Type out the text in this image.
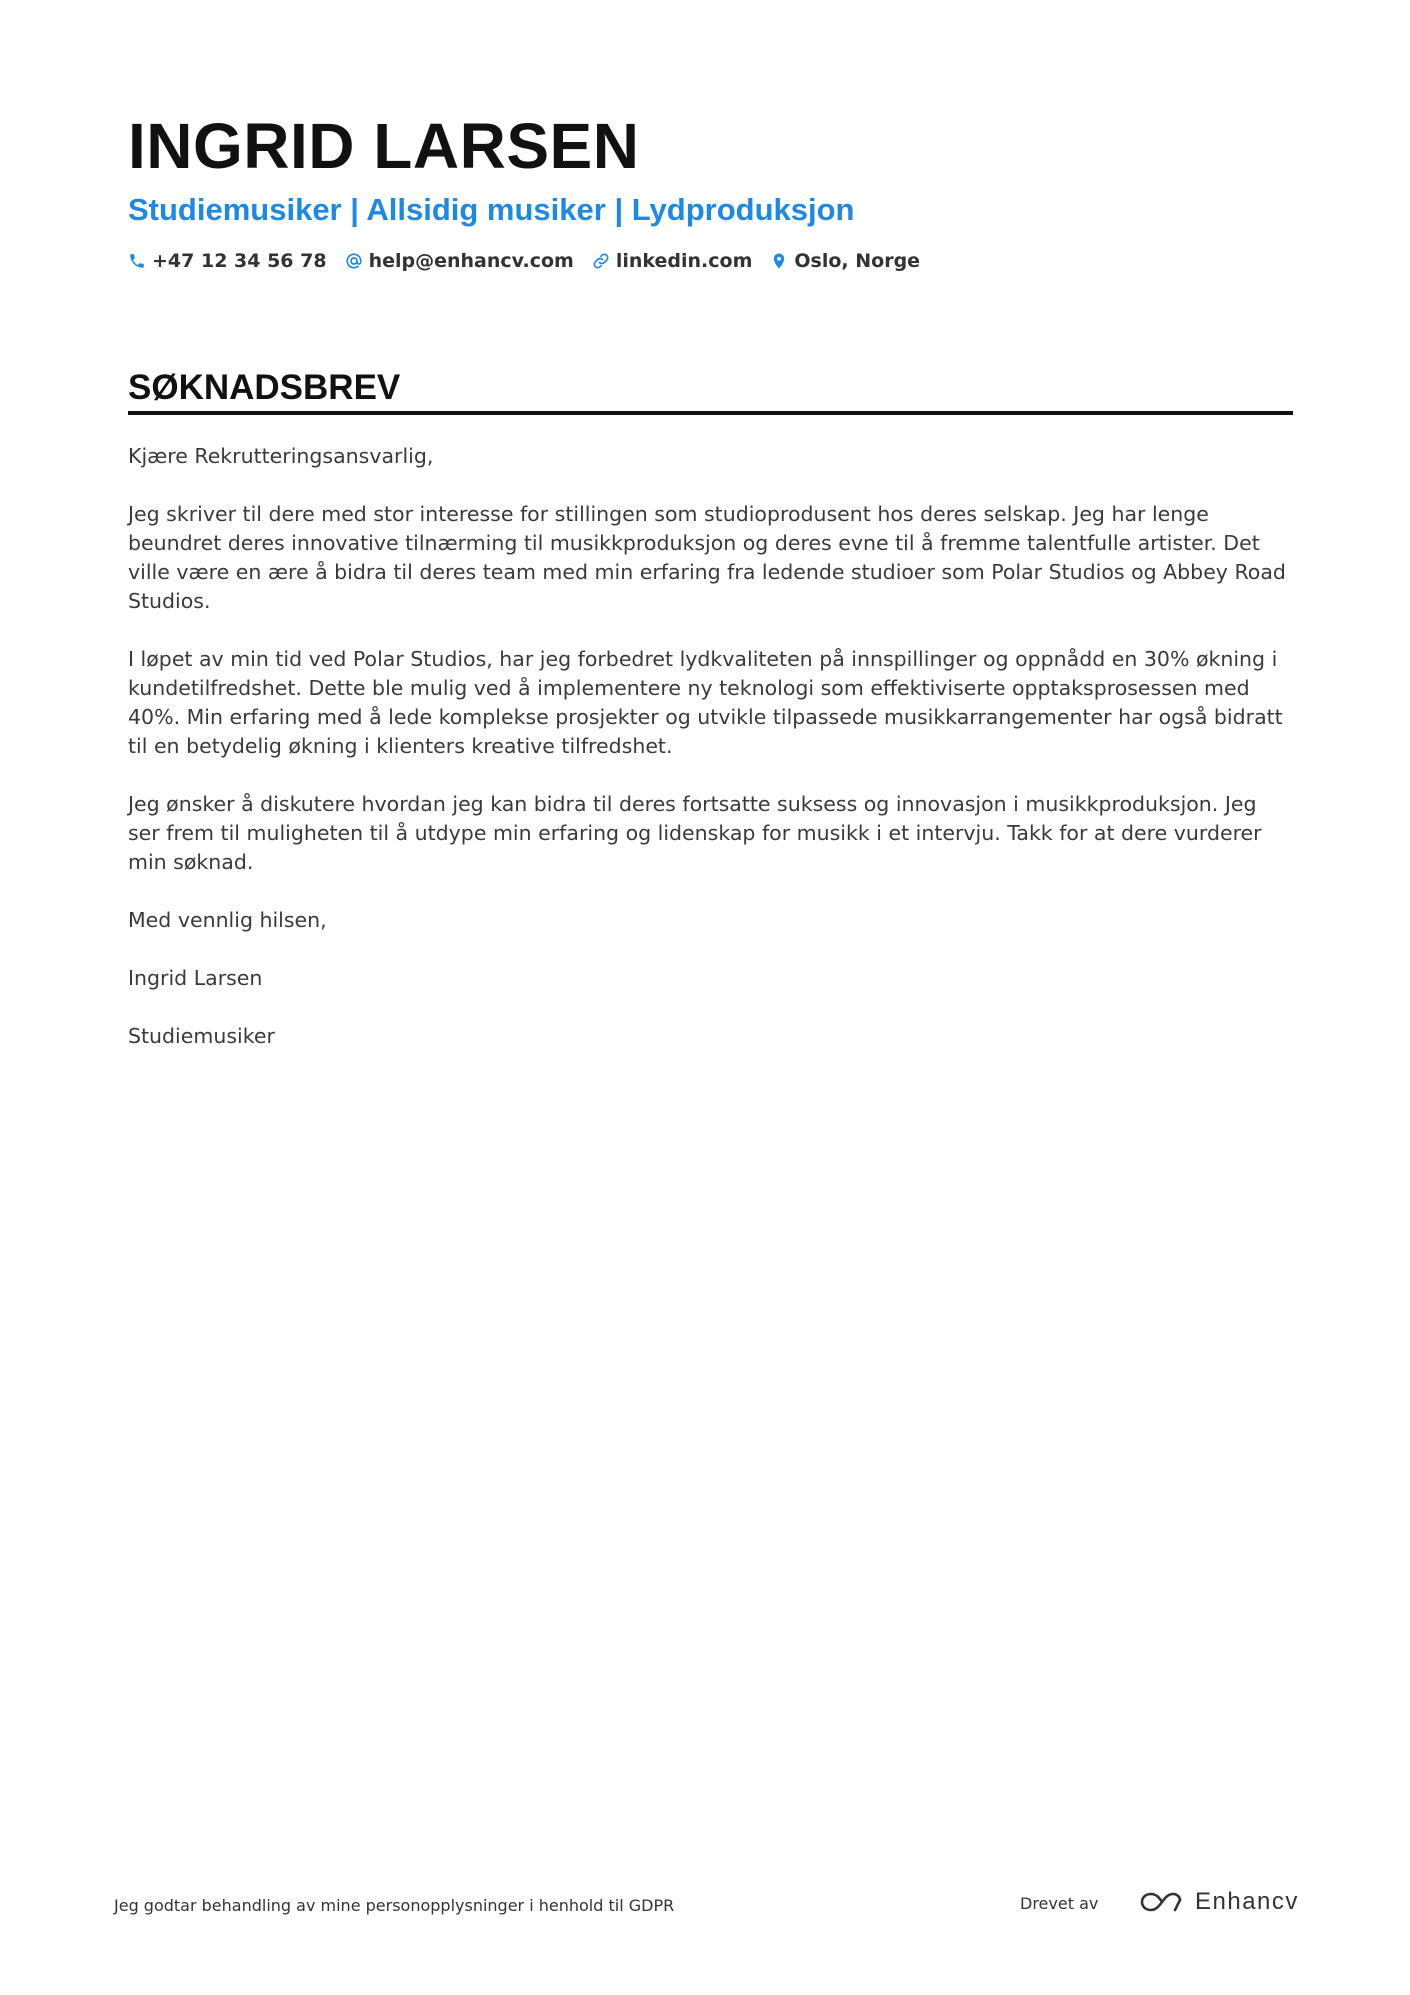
INGRID LARSEN
Studiemusiker | Allsidig musiker | Lydproduksjon
+47 12 34 56 78 help@enhancv.com linkedin.com Oslo, Norge
SØKNADSBREV

Kjære Rekrutteringsansvarlig,

Jeg skriver til dere med stor interesse for stillingen som studioprodusent hos deres selskap. Jeg har lenge beundret deres innovative tilnærming til musikkproduksjon og deres evne til å fremme talentfulle artister. Det ville være en ære å bidra til deres team med min erfaring fra ledende studioer som Polar Studios og Abbey Road Studios.

I løpet av min tid ved Polar Studios, har jeg forbedret lydkvaliteten på innspillinger og oppnådd en 30% økning i kundetilfredshet. Dette ble mulig ved å implementere ny teknologi som effektiviserte opptaksprosessen med 40%. Min erfaring med å lede komplekse prosjekter og utvikle tilpassede musikkarrangementer har også bidratt til en betydelig økning i klienters kreative tilfredshet.

Jeg ønsker å diskutere hvordan jeg kan bidra til deres fortsatte suksess og innovasjon i musikkproduksjon. Jeg ser frem til muligheten til å utdype min erfaring og lidenskap for musikk i et intervju. Takk for at dere vurderer min søknad.

Med vennlig hilsen,

Ingrid Larsen

Studiemusiker

Jeg godtar behandling av mine personopplysninger i henhold til GDPR	Drevet av	Enhancv
